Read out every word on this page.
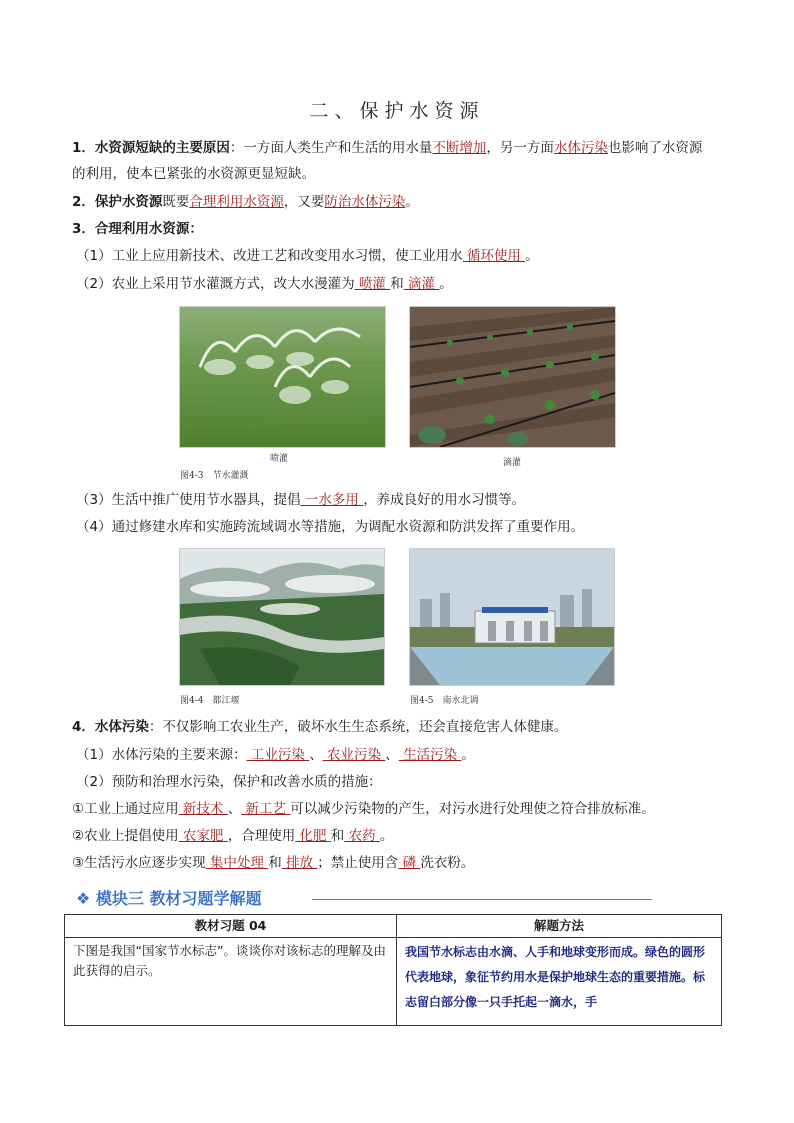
二、保护水资源
1．水资源短缺的主要原因：一方面人类生产和生活的用水量不断增加，另一方面水体污染也影响了水资源
的利用，使本已紧张的水资源更显短缺。
2．保护水资源既要合理利用水资源，又要防治水体污染。
3．合理利用水资源：
（1）工业上应用新技术、改进工艺和改变用水习惯，使工业用水 循环使用 。
（2）农业上采用节水灌溉方式，改大水漫灌为 喷灌 和 滴灌 。
喷灌	滴灌
图4-3　节水灌溉
（3）生活中推广使用节水器具，提倡 一水多用 ，养成良好的用水习惯等。
（4）通过修建水库和实施跨流域调水等措施，为调配水资源和防洪发挥了重要作用。
图4-4　都江堰	图4-5　南水北调
4．水体污染：不仅影响工农业生产，破坏水生生态系统，还会直接危害人体健康。
（1）水体污染的主要来源： 工业污染 、 农业污染 、 生活污染 。
（2）预防和治理水污染，保护和改善水质的措施：
①工业上通过应用 新技术 、 新工艺 可以减少污染物的产生，对污水进行处理使之符合排放标准。
②农业上提倡使用 农家肥 ，合理使用 化肥 和 农药 。
③生活污水应逐步实现 集中处理 和 排放 ；禁止使用含 磷 洗衣粉。
❖ 模块三 教材习题学解题
教材习题 04	解题方法
下图是我国“国家节水标志”。谈谈你对该标志的理解及由此获得的启示。	我国节水标志由水滴、人手和地球变形而成。绿色的圆形代表地球，象征节约用水是保护地球生态的重要措施。标志留白部分像一只手托起一滴水，手
